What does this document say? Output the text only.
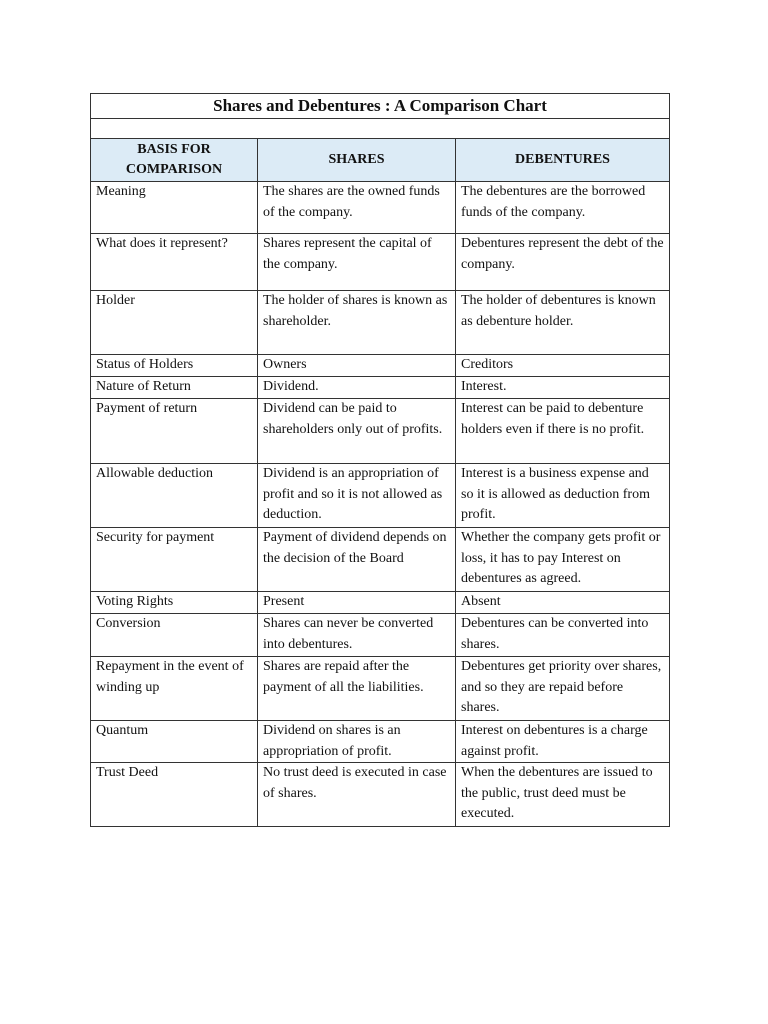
Shares and Debentures : A Comparison Chart		

BASIS FOR COMPARISON	SHARES	DEBENTURES
Meaning	The shares are the owned funds of the company.	The debentures are the borrowed funds of the company.
What does it represent?	Shares represent the capital of the company.	Debentures represent the debt of the company.
Holder	The holder of shares is known as shareholder.	The holder of debentures is known as debenture holder.
Status of Holders	Owners	Creditors
Nature of Return	Dividend.	Interest.
Payment of return	Dividend can be paid to shareholders only out of profits.	Interest can be paid to debenture holders even if there is no profit.
Allowable deduction	Dividend is an appropriation of profit and so it is not allowed as deduction.	Interest is a business expense and so it is allowed as deduction from profit.
Security for payment	Payment of dividend depends on the decision of the Board	Whether the company gets profit or loss, it has to pay Interest on debentures as agreed.
Voting Rights	Present	Absent
Conversion	Shares can never be converted into debentures.	Debentures can be converted into shares.
Repayment in the event of winding up	Shares are repaid after the payment of all the liabilities.	Debentures get priority over shares, and so they are repaid before shares.
Quantum	Dividend on shares is an appropriation of profit.	Interest on debentures is a charge against profit.
Trust Deed	No trust deed is executed in case of shares.	When the debentures are issued to the public, trust deed must be executed.
